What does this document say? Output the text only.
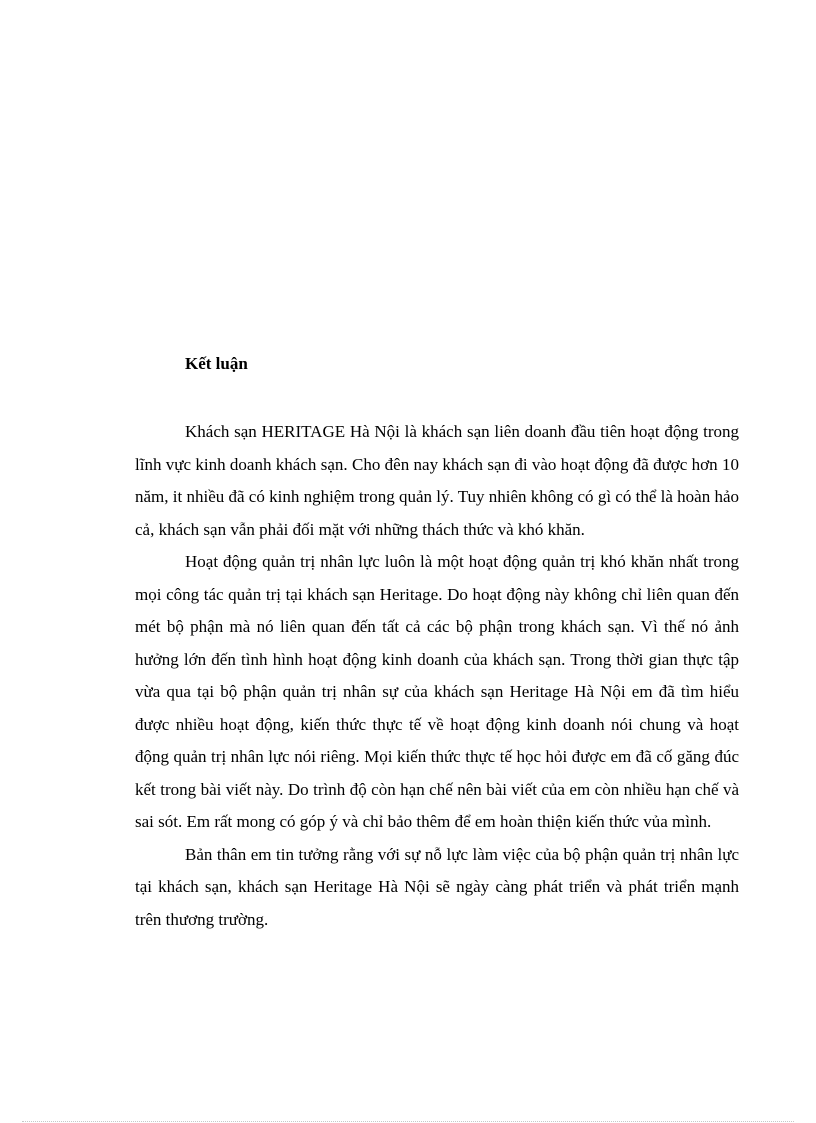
Kết luận

Khách sạn HERITAGE Hà Nội là khách sạn liên doanh đầu tiên hoạt động trong lĩnh vực kinh doanh khách sạn. Cho đên nay khách sạn đi vào hoạt động đã được hơn 10 năm, it nhiều đã có kinh nghiệm trong quản lý. Tuy nhiên không có gì có thể là hoàn hảo cả, khách sạn vẫn phải đối mặt với những thách thức và khó khăn.

Hoạt động quản trị nhân lực luôn là một hoạt động quản trị khó khăn nhất trong mọi công tác quản trị tại khách sạn Heritage. Do hoạt động này không chỉ liên quan đến mét bộ phận mà nó liên quan đến tất cả các bộ phận trong khách sạn. Vì thế nó ảnh hưởng lớn đến tình hình hoạt động kinh doanh của khách sạn. Trong thời gian thực tập vừa qua tại bộ phận quản trị nhân sự của khách sạn Heritage Hà Nội em đã tìm hiểu được nhiều hoạt động, kiến thức thực tế về hoạt động kinh doanh nói chung và hoạt động quản trị nhân lực nói riêng. Mọi kiến thức thực tế học hỏi được em đã cố găng đúc kết trong bài viết này. Do trình độ còn hạn chế nên bài viết của em còn nhiều hạn chế và sai sót. Em rất mong có góp ý và chỉ bảo thêm để em hoàn thiện kiến thức vủa mình.

Bản thân em tin tưởng rằng với sự nỗ lực làm việc của bộ phận quản trị nhân lực tại khách sạn, khách sạn Heritage Hà Nội sẽ ngày càng phát triển và phát triển mạnh trên thương trường.
